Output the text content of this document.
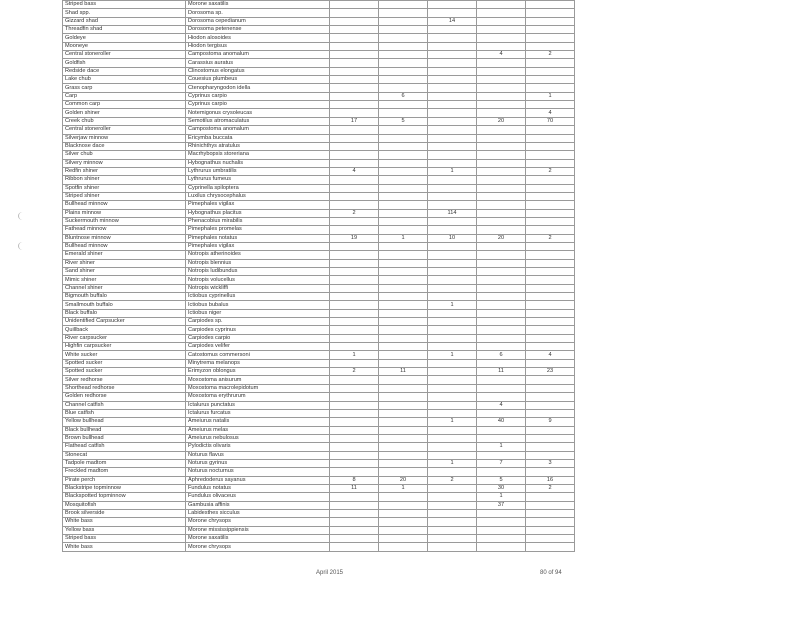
Striped bass	Morone saxatilis					
Shad spp.	Dorosoma sp.					
Gizzard shad	Dorosoma cepedianum			14		
Threadfin shad	Dorosoma petenense					
Goldeye	Hiodon alosoides					
Mooneye	Hiodon tergisus					
Central stoneroller	Campostoma anomalum				4	2
Goldfish	Carassius auratus					
Redside dace	Clinostomus elongatus					
Lake chub	Couesius plumbeus					
Grass carp	Ctenopharyngodon idella					
Carp	Cyprinus carpio		6			1
Common carp	Cyprinus carpio					
Golden shiner	Notemigonus crysoleucas					4
Creek chub	Semotilus atromaculatus	17	5		20	70
Central stoneroller	Campostoma anomalum					
Silverjaw minnow	Ericymba buccata					
Blacknose dace	Rhinichthys atratulus					
Silver chub	Macrhybopsis storeriana					
Silvery minnow	Hybognathus nuchalis					
Redfin shiner	Lythrurus umbratilis	4		1		2
Ribbon shiner	Lythrurus fumeus					
Spotfin shiner	Cyprinella spiloptera					
Striped shiner	Luxilus chrysocephalus					
Bullhead minnow	Pimephales vigilax					
Plains minnow	Hybognathus placitus	2		114		
Suckermouth minnow	Phenacobius mirabilis					
Fathead minnow	Pimephales promelas					
Bluntnose minnow	Pimephales notatus	19	1	10	20	2
Bullhead minnow	Pimephales vigilax					
Emerald shiner	Notropis atherinoides					
River shiner	Notropis blennius					
Sand shiner	Notropis ludibundus					
Mimic shiner	Notropis volucellus					
Channel shiner	Notropis wickliffi					
Bigmouth buffalo	Ictiobus cyprinellus					
Smallmouth buffalo	Ictiobus bubalus			1		
Black buffalo	Ictiobus niger					
Unidentified Carpsucker	Carpiodes sp.					
Quillback	Carpiodes cyprinus					
River carpsucker	Carpiodes carpio					
Highfin carpsucker	Carpiodes velifer					
White sucker	Catostomus commersoni	1		1	6	4
Spotted sucker	Minytrema melanops					
Spotted sucker	Erimyzon oblongus	2	11		11	23
Silver redhorse	Moxostoma anisurum					
Shorthead redhorse	Moxostoma macrolepidotum					
Golden redhorse	Moxostoma erythrurum					
Channel catfish	Ictalurus punctatus				4	
Blue catfish	Ictalurus furcatus					
Yellow bullhead	Ameiurus natalis			1	40	9
Black bullhead	Ameiurus melas					
Brown bullhead	Ameiurus nebulosus					
Flathead catfish	Pylodictis olivaris				1	
Stonecat	Noturus flavus					
Tadpole madtom	Noturus gyrinus			1	7	3
Freckled madtom	Noturus nocturnus					
Pirate perch	Aphredoderus sayanus	8	20	2	5	16
Blackstripe topminnow	Fundulus notatus	11	1		30	2
Blackspotted topminnow	Fundulus olivaceus				1	
Mosquitofish	Gambusia affinis				37	
Brook silverside	Labidesthes sicculus					
White bass	Morone chrysops					
Yellow bass	Morone mississippiensis					
Striped bass	Morone saxatilis					
White bass	Morone chrysops					
April 2015	80 of 94
